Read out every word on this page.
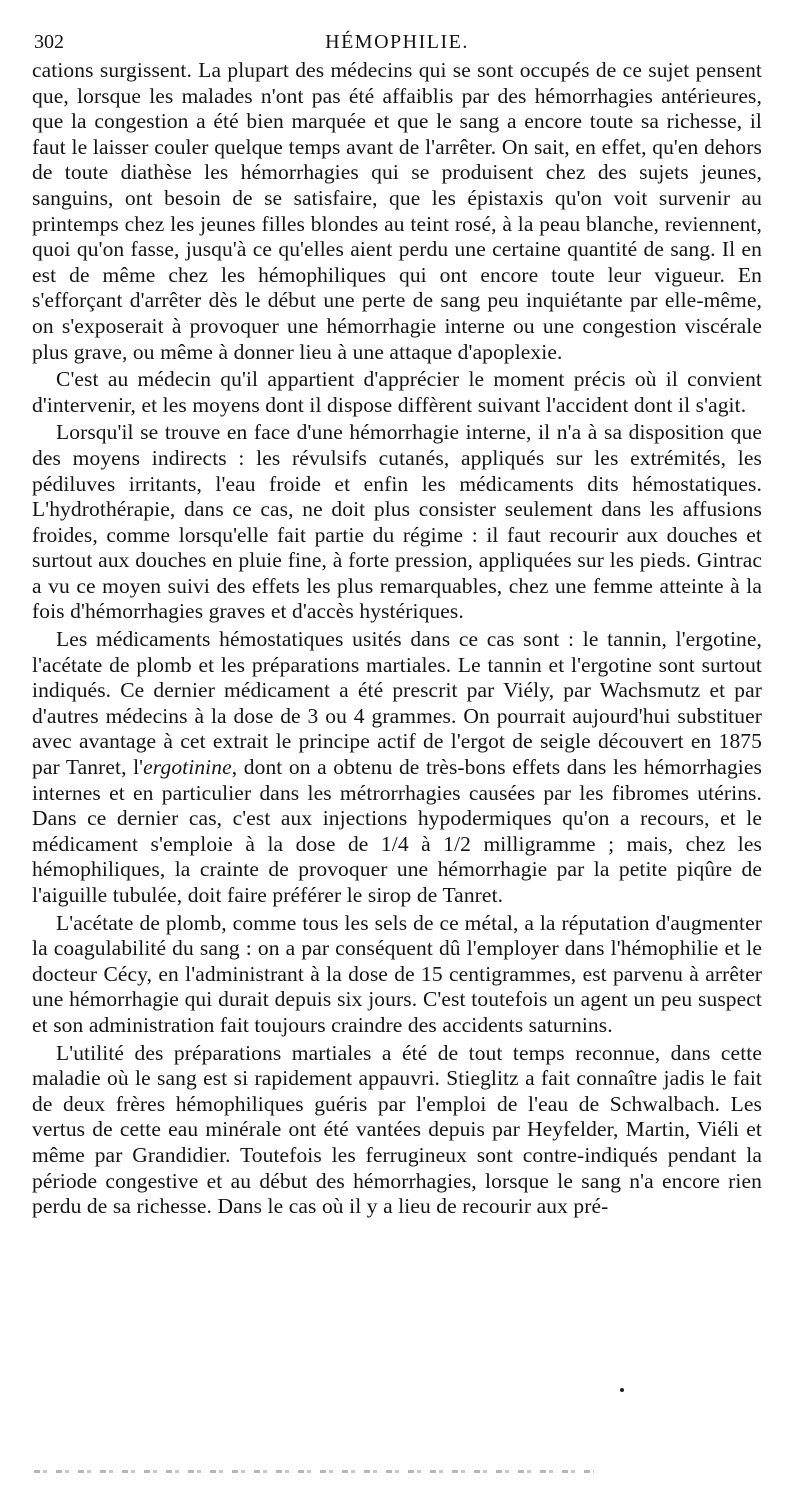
302	HÉMOPHILIE.

cations surgissent. La plupart des médecins qui se sont occupés de ce sujet pensent que, lorsque les malades n'ont pas été affaiblis par des hémorrhagies antérieures, que la congestion a été bien marquée et que le sang a encore toute sa richesse, il faut le laisser couler quelque temps avant de l'arrêter. On sait, en effet, qu'en dehors de toute diathèse les hémorrhagies qui se produisent chez des sujets jeunes, sanguins, ont besoin de se satisfaire, que les épistaxis qu'on voit survenir au printemps chez les jeunes filles blondes au teint rosé, à la peau blanche, reviennent, quoi qu'on fasse, jusqu'à ce qu'elles aient perdu une certaine quantité de sang. Il en est de même chez les hémophiliques qui ont encore toute leur vigueur. En s'efforçant d'arrêter dès le début une perte de sang peu inquiétante par elle-même, on s'exposerait à provoquer une hémorrhagie interne ou une congestion viscérale plus grave, ou même à donner lieu à une attaque d'apoplexie.

C'est au médecin qu'il appartient d'apprécier le moment précis où il convient d'intervenir, et les moyens dont il dispose diffèrent suivant l'accident dont il s'agit.

Lorsqu'il se trouve en face d'une hémorrhagie interne, il n'a à sa disposition que des moyens indirects : les révulsifs cutanés, appliqués sur les extrémités, les pédiluves irritants, l'eau froide et enfin les médicaments dits hémostatiques. L'hydrothérapie, dans ce cas, ne doit plus consister seulement dans les affusions froides, comme lorsqu'elle fait partie du régime : il faut recourir aux douches et surtout aux douches en pluie fine, à forte pression, appliquées sur les pieds. Gintrac a vu ce moyen suivi des effets les plus remarquables, chez une femme atteinte à la fois d'hémorrhagies graves et d'accès hystériques.

Les médicaments hémostatiques usités dans ce cas sont : le tannin, l'ergotine, l'acétate de plomb et les préparations martiales. Le tannin et l'ergotine sont surtout indiqués. Ce dernier médicament a été prescrit par Viély, par Wachsmutz et par d'autres médecins à la dose de 3 ou 4 grammes. On pourrait aujourd'hui substituer avec avantage à cet extrait le principe actif de l'ergot de seigle découvert en 1875 par Tanret, l'ergotinine, dont on a obtenu de très-bons effets dans les hémorrhagies internes et en particulier dans les métrorrhagies causées par les fibromes utérins. Dans ce dernier cas, c'est aux injections hypodermiques qu'on a recours, et le médicament s'emploie à la dose de 1/4 à 1/2 milligramme ; mais, chez les hémophiliques, la crainte de provoquer une hémorrhagie par la petite piqûre de l'aiguille tubulée, doit faire préférer le sirop de Tanret.

L'acétate de plomb, comme tous les sels de ce métal, a la réputation d'augmenter la coagulabilité du sang : on a par conséquent dû l'employer dans l'hémophilie et le docteur Cécy, en l'administrant à la dose de 15 centigrammes, est parvenu à arrêter une hémorrhagie qui durait depuis six jours. C'est toutefois un agent un peu suspect et son administration fait toujours craindre des accidents saturnins.

L'utilité des préparations martiales a été de tout temps reconnue, dans cette maladie où le sang est si rapidement appauvri. Stieglitz a fait connaître jadis le fait de deux frères hémophiliques guéris par l'emploi de l'eau de Schwalbach. Les vertus de cette eau minérale ont été vantées depuis par Heyfelder, Martin, Viéli et même par Grandidier. Toutefois les ferrugineux sont contre-indiqués pendant la période congestive et au début des hémorrhagies, lorsque le sang n'a encore rien perdu de sa richesse. Dans le cas où il y a lieu de recourir aux pré-
